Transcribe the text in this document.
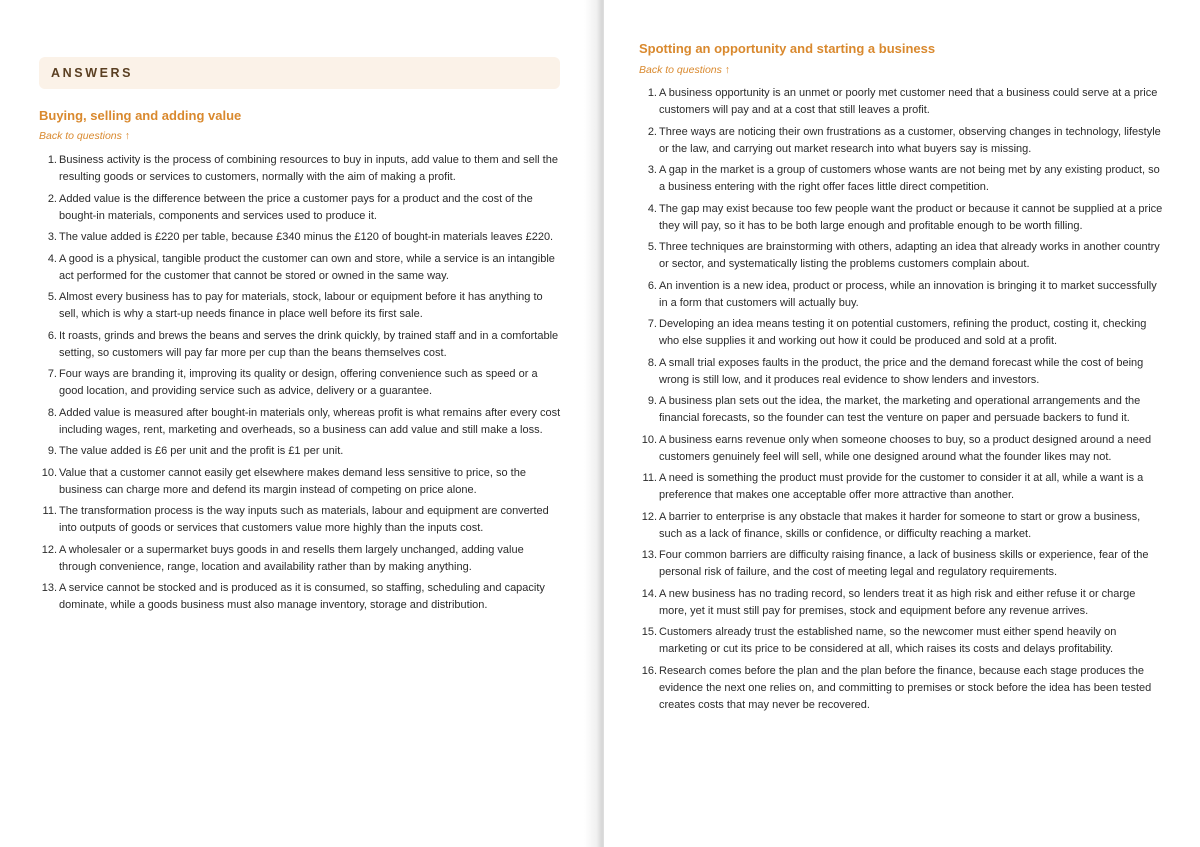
ANSWERS
Buying, selling and adding value
Back to questions ↑
1. Business activity is the process of combining resources to buy in inputs, add value to them and sell the resulting goods or services to customers, normally with the aim of making a profit.
2. Added value is the difference between the price a customer pays for a product and the cost of the bought-in materials, components and services used to produce it.
3. The value added is £220 per table, because £340 minus the £120 of bought-in materials leaves £220.
4. A good is a physical, tangible product the customer can own and store, while a service is an intangible act performed for the customer that cannot be stored or owned in the same way.
5. Almost every business has to pay for materials, stock, labour or equipment before it has anything to sell, which is why a start-up needs finance in place well before its first sale.
6. It roasts, grinds and brews the beans and serves the drink quickly, by trained staff and in a comfortable setting, so customers will pay far more per cup than the beans themselves cost.
7. Four ways are branding it, improving its quality or design, offering convenience such as speed or a good location, and providing service such as advice, delivery or a guarantee.
8. Added value is measured after bought-in materials only, whereas profit is what remains after every cost including wages, rent, marketing and overheads, so a business can add value and still make a loss.
9. The value added is £6 per unit and the profit is £1 per unit.
10. Value that a customer cannot easily get elsewhere makes demand less sensitive to price, so the business can charge more and defend its margin instead of competing on price alone.
11. The transformation process is the way inputs such as materials, labour and equipment are converted into outputs of goods or services that customers value more highly than the inputs cost.
12. A wholesaler or a supermarket buys goods in and resells them largely unchanged, adding value through convenience, range, location and availability rather than by making anything.
13. A service cannot be stocked and is produced as it is consumed, so staffing, scheduling and capacity dominate, while a goods business must also manage inventory, storage and distribution.
Spotting an opportunity and starting a business
Back to questions ↑
1. A business opportunity is an unmet or poorly met customer need that a business could serve at a price customers will pay and at a cost that still leaves a profit.
2. Three ways are noticing their own frustrations as a customer, observing changes in technology, lifestyle or the law, and carrying out market research into what buyers say is missing.
3. A gap in the market is a group of customers whose wants are not being met by any existing product, so a business entering with the right offer faces little direct competition.
4. The gap may exist because too few people want the product or because it cannot be supplied at a price they will pay, so it has to be both large enough and profitable enough to be worth filling.
5. Three techniques are brainstorming with others, adapting an idea that already works in another country or sector, and systematically listing the problems customers complain about.
6. An invention is a new idea, product or process, while an innovation is bringing it to market successfully in a form that customers will actually buy.
7. Developing an idea means testing it on potential customers, refining the product, costing it, checking who else supplies it and working out how it could be produced and sold at a profit.
8. A small trial exposes faults in the product, the price and the demand forecast while the cost of being wrong is still low, and it produces real evidence to show lenders and investors.
9. A business plan sets out the idea, the market, the marketing and operational arrangements and the financial forecasts, so the founder can test the venture on paper and persuade backers to fund it.
10. A business earns revenue only when someone chooses to buy, so a product designed around a need customers genuinely feel will sell, while one designed around what the founder likes may not.
11. A need is something the product must provide for the customer to consider it at all, while a want is a preference that makes one acceptable offer more attractive than another.
12. A barrier to enterprise is any obstacle that makes it harder for someone to start or grow a business, such as a lack of finance, skills or confidence, or difficulty reaching a market.
13. Four common barriers are difficulty raising finance, a lack of business skills or experience, fear of the personal risk of failure, and the cost of meeting legal and regulatory requirements.
14. A new business has no trading record, so lenders treat it as high risk and either refuse it or charge more, yet it must still pay for premises, stock and equipment before any revenue arrives.
15. Customers already trust the established name, so the newcomer must either spend heavily on marketing or cut its price to be considered at all, which raises its costs and delays profitability.
16. Research comes before the plan and the plan before the finance, because each stage produces the evidence the next one relies on, and committing to premises or stock before the idea has been tested creates costs that may never be recovered.
